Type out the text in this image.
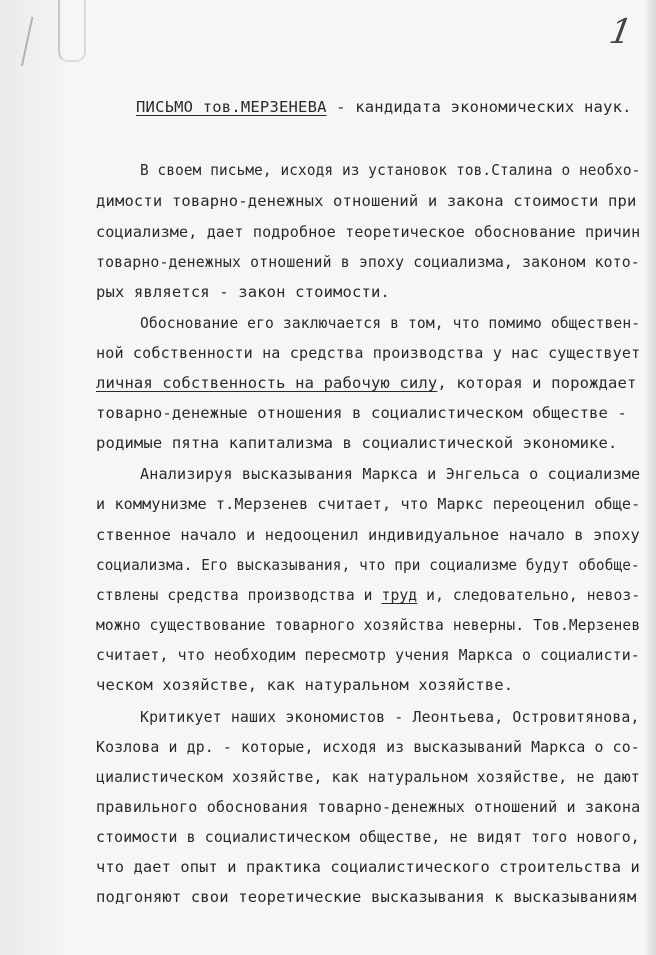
1
ПИСЬМО тов.МЕРЗЕНЕВА - кандидата экономических наук.
В своем письме, исходя из установок тов.Сталина о необхо-
димости товарно-денежных отношений и закона стоимости при
социализме, дает подробное теоретическое обоснование причин
товарно-денежных отношений в эпоху социализма, законом кото-
рых является - закон стоимости.
Обоснование его заключается в том, что помимо обществен-
ной собственности на средства производства у нас существует
личная собственность на рабочую силу, которая и порождает
товарно-денежные отношения в социалистическом обществе -
родимые пятна капитализма в социалистической экономике.
Анализируя высказывания Маркса и Энгельса о социализме
и коммунизме т.Мерзенев считает, что Маркс переоценил обще-
ственное начало и недооценил индивидуальное начало в эпоху
социализма. Его высказывания, что при социализме будут обобще-
ствлены средства производства и труд и, следовательно, невоз-
можно существование товарного хозяйства неверны. Тов.Мерзенев
считает, что необходим пересмотр учения Маркса о социалисти-
ческом хозяйстве, как натуральном хозяйстве.
Критикует наших экономистов - Леонтьева, Островитянова,
Козлова и др. - которые, исходя из высказываний Маркса о со-
циалистическом хозяйстве, как натуральном хозяйстве, не дают
правильного обоснования товарно-денежных отношений и закона
стоимости в социалистическом обществе, не видят того нового,
что дает опыт и практика социалистического строительства и
подгоняют свои теоретические высказывания к высказываниям
